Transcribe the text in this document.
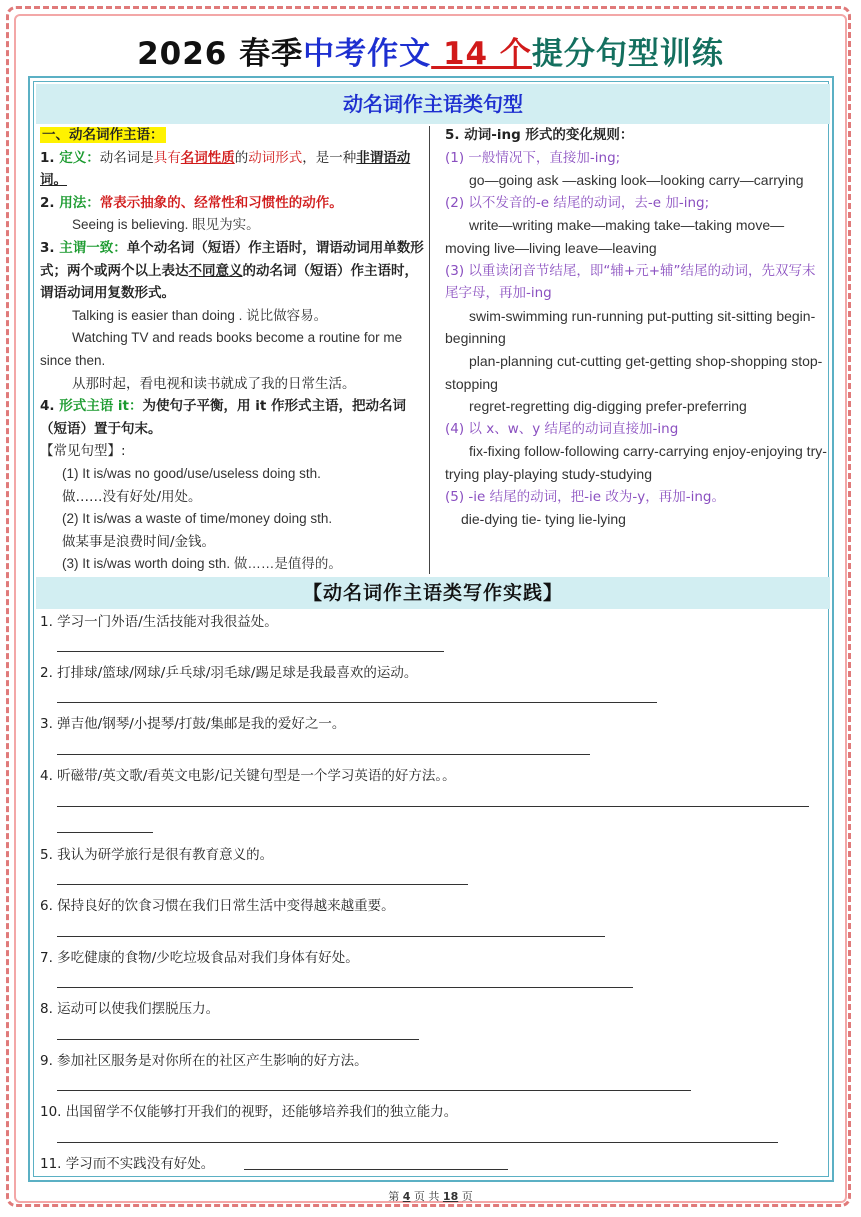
2026 春季中考作文 14 个提分句型训练
动名词作主语类句型

一、动名词作主语：

1. 定义：动名词是具有名词性质的动词形式，是一种非谓语动词。

2. 用法：常表示抽象的、经常性和习惯性的动作。

Seeing is believing. 眼见为实。

3. 主谓一致：单个动名词（短语）作主语时，谓语动词用单数形式；两个或两个以上表达不同意义的动名词（短语）作主语时，谓语动词用复数形式。

Talking is easier than doing . 说比做容易。

Watching TV and reads books become a routine for me since then.

从那时起，看电视和读书就成了我的日常生活。

4. 形式主语 it：为使句子平衡，用 it 作形式主语，把动名词（短语）置于句末。

【常见句型】:

(1) It is/was no good/use/useless doing sth.

做……没有好处/用处。

(2) It is/was a waste of time/money doing sth.

做某事是浪费时间/金钱。

(3) It is/was worth doing sth. 做……是值得的。

5. 动词-ing 形式的变化规则：

(1) 一般情况下，直接加-ing;

go—going ask —asking look—looking carry—carrying

(2) 以不发音的-e 结尾的动词，去-e 加-ing;

write—writing make—making take—taking move—moving live—living leave—leaving

(3) 以重读闭音节结尾，即“辅+元+辅”结尾的动词，先双写末尾字母，再加-ing

swim-swimming run-running put-putting sit-sitting begin-beginning

plan-planning cut-cutting get-getting shop-shopping stop-stopping

regret-regretting dig-digging prefer-preferring

(4) 以 x、w、y 结尾的动词直接加-ing

fix-fixing follow-following carry-carrying enjoy-enjoying try-trying play-playing study-studying

(5) -ie 结尾的动词，把-ie 改为-y，再加-ing。

die-dying tie- tying lie-lying

【动名词作主语类写作实践】
1. 学习一门外语/生活技能对我很益处。
2. 打排球/篮球/网球/乒乓球/羽毛球/踢足球是我最喜欢的运动。
3. 弹吉他/钢琴/小提琴/打鼓/集邮是我的爱好之一。
4. 听磁带/英文歌/看英文电影/记关键句型是一个学习英语的好方法。。
5. 我认为研学旅行是很有教育意义的。
6. 保持良好的饮食习惯在我们日常生活中变得越来越重要。
7. 多吃健康的食物/少吃垃圾食品对我们身体有好处。
8. 运动可以使我们摆脱压力。
9. 参加社区服务是对你所在的社区产生影响的好方法。
10. 出国留学不仅能够打开我们的视野，还能够培养我们的独立能力。
11. 学习而不实践没有好处。
第 4 页 共 18 页
